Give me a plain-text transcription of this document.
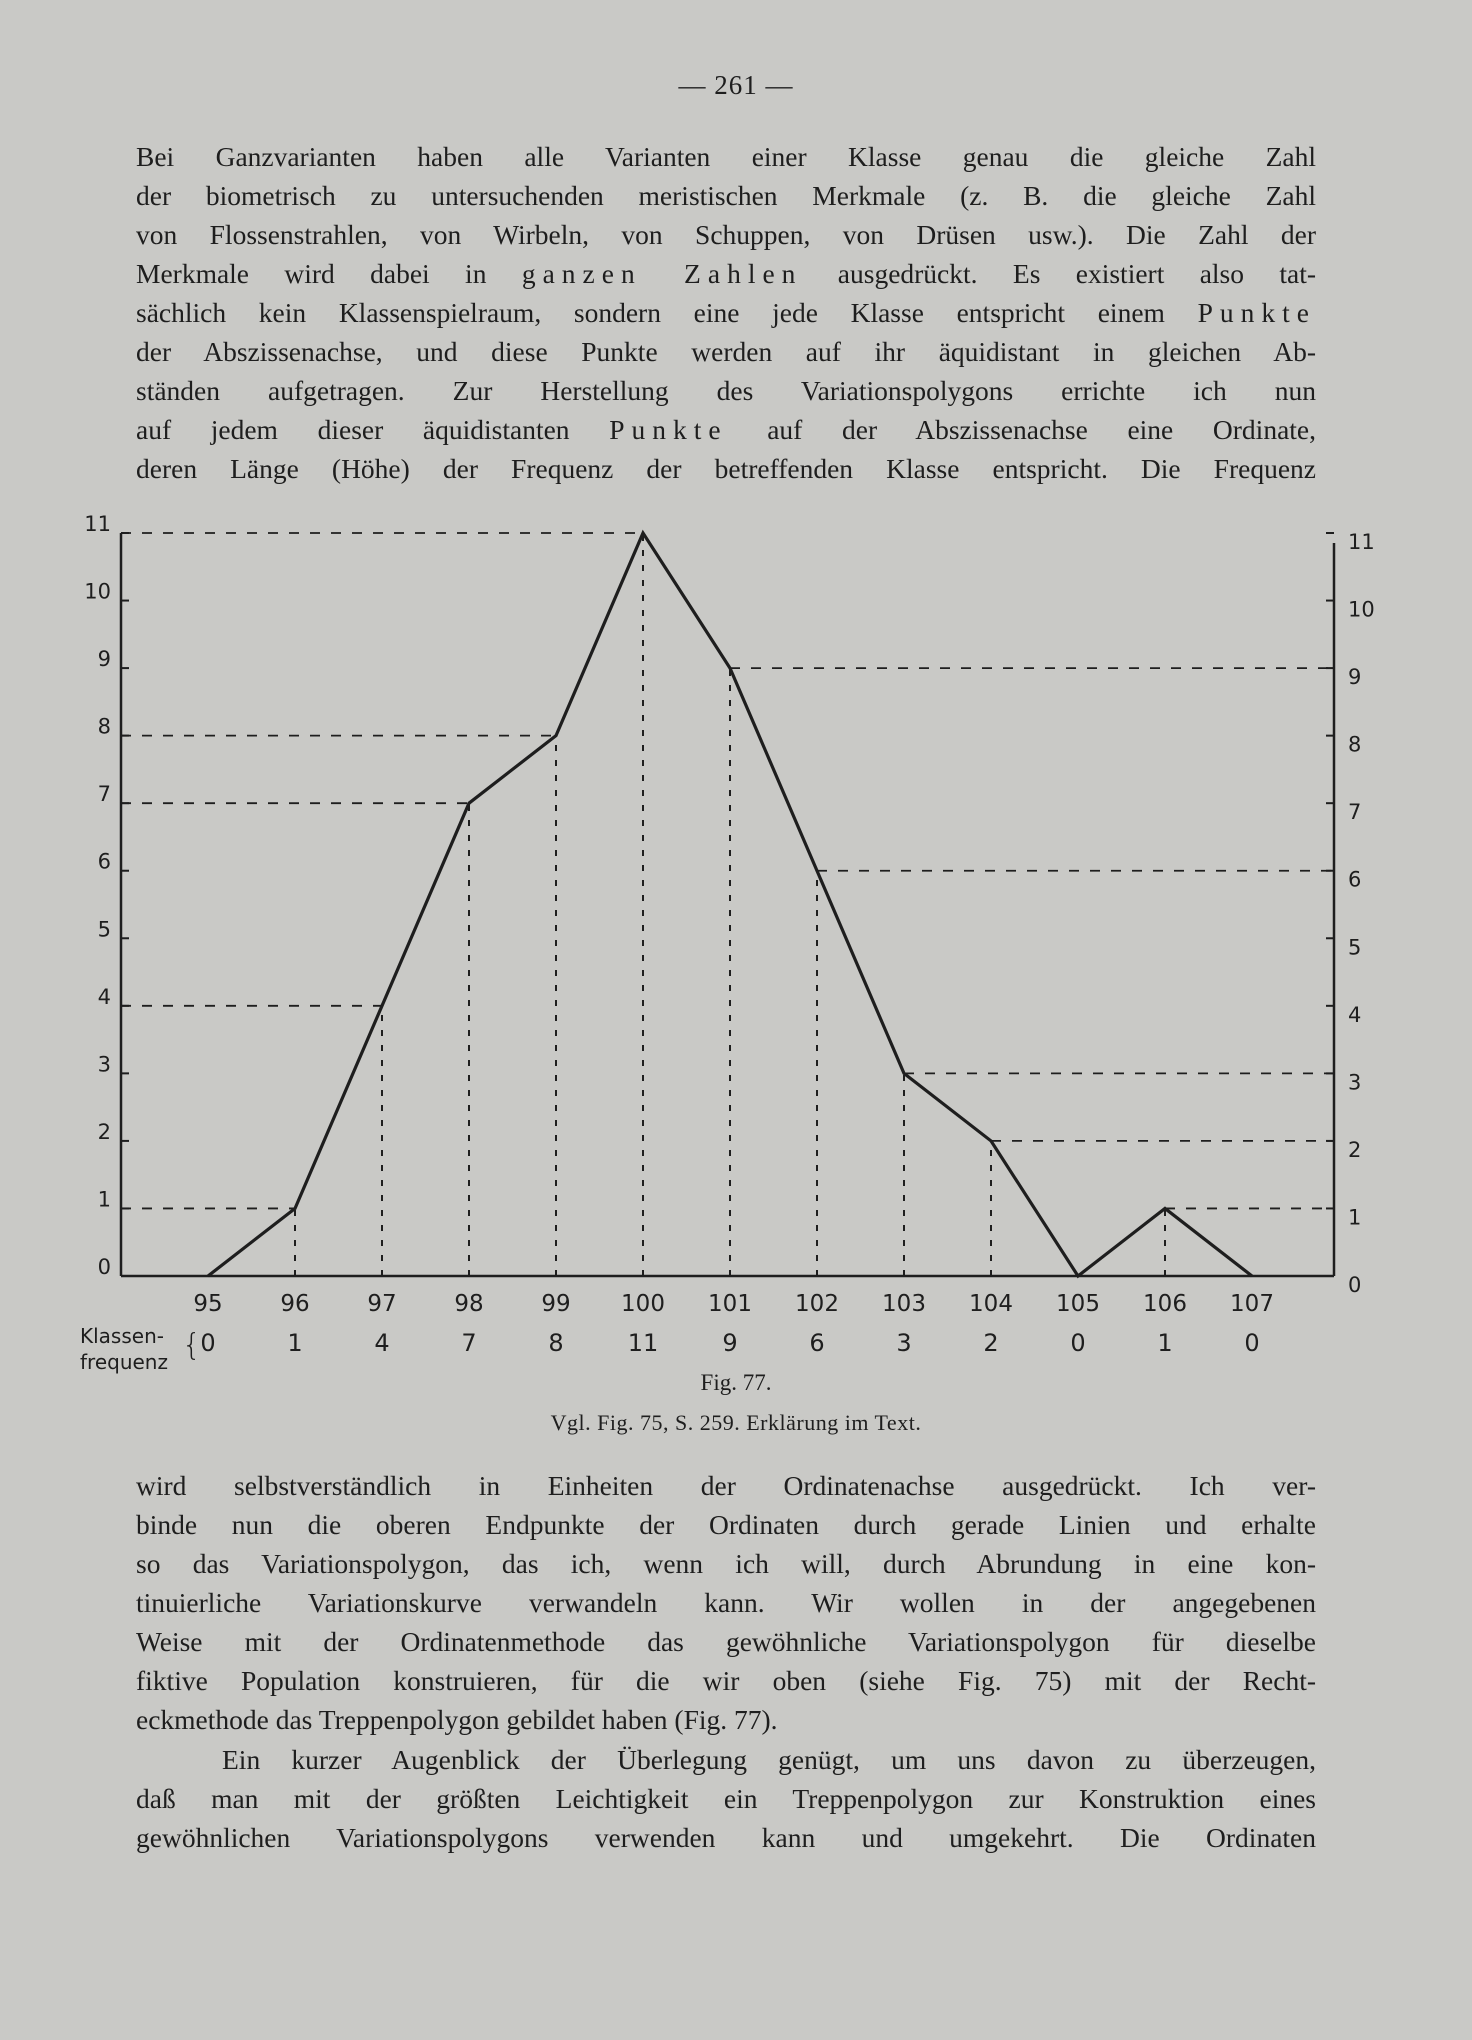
— 261 —

Bei Ganzvarianten haben alle Varianten einer Klasse genau die gleiche Zahl
der biometrisch zu untersuchenden meristischen Merkmale (z. B. die gleiche Zahl
von Flossenstrahlen, von Wirbeln, von Schuppen, von Drüsen usw.). Die Zahl der
Merkmale wird dabei in ganzen Zahlen ausgedrückt. Es existiert also tat-
sächlich kein Klassenspielraum, sondern eine jede Klasse entspricht einem Punkte
der Abszissenachse, und diese Punkte werden auf ihr äquidistant in gleichen Ab-
ständen aufgetragen. Zur Herstellung des Variationspolygons errichte ich nun
auf jedem dieser äquidistanten Punkte auf der Abszissenachse eine Ordinate,
deren Länge (Höhe) der Frequenz der betreffenden Klasse entspricht. Die Frequenz

0
0
1
1
2
2
3
3
4
4
5
5
6
6
7
7
8
8
9
9
10
10
11
11
95	96	97	98	99 100 101 102 103 104 105 106 107
0	1	4	7	8	11	9	6	3	2	0	1	0
Klassen-
frequenz {

Fig. 77.

Vgl. Fig. 75, S. 259. Erklärung im Text.

wird selbstverständlich in Einheiten der Ordinatenachse ausgedrückt. Ich ver-
binde nun die oberen Endpunkte der Ordinaten durch gerade Linien und erhalte
so das Variationspolygon, das ich, wenn ich will, durch Abrundung in eine kon-
tinuierliche Variationskurve verwandeln kann. Wir wollen in der angegebenen
Weise mit der Ordinatenmethode das gewöhnliche Variationspolygon für dieselbe
fiktive Population konstruieren, für die wir oben (siehe Fig. 75) mit der Recht-
eckmethode das Treppenpolygon gebildet haben (Fig. 77).

Ein kurzer Augenblick der Überlegung genügt, um uns davon zu überzeugen,
daß man mit der größten Leichtigkeit ein Treppenpolygon zur Konstruktion eines
gewöhnlichen Variationspolygons verwenden kann und umgekehrt. Die Ordinaten
